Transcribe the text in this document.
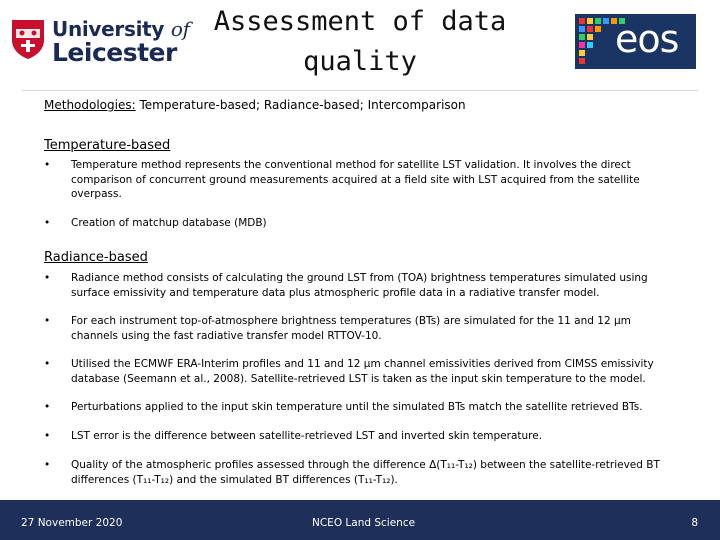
University of
Leicester
Assessment of data
quality
eos
Methodologies: Temperature-based; Radiance-based; Intercomparison
Temperature-based
• Temperature method represents the conventional method for satellite LST validation. It involves the direct comparison of concurrent ground measurements acquired at a field site with LST acquired from the satellite overpass.
• Creation of matchup database (MDB)
Radiance-based
• Radiance method consists of calculating the ground LST from (TOA) brightness temperatures simulated using surface emissivity and temperature data plus atmospheric profile data in a radiative transfer model.
• For each instrument top-of-atmosphere brightness temperatures (BTs) are simulated for the 11 and 12 µm channels using the fast radiative transfer model RTTOV-10.
• Utilised the ECMWF ERA-Interim profiles and 11 and 12 µm channel emissivities derived from CIMSS emissivity database (Seemann et al., 2008). Satellite-retrieved LST is taken as the input skin temperature to the model.
• Perturbations applied to the input skin temperature until the simulated BTs match the satellite retrieved BTs.
• LST error is the difference between satellite-retrieved LST and inverted skin temperature.
• Quality of the atmospheric profiles assessed through the difference Δ(T₁₁-T₁₂) between the satellite-retrieved BT differences (T₁₁-T₁₂) and the simulated BT differences (T₁₁-T₁₂).
27 November 2020	NCEO Land Science	8
